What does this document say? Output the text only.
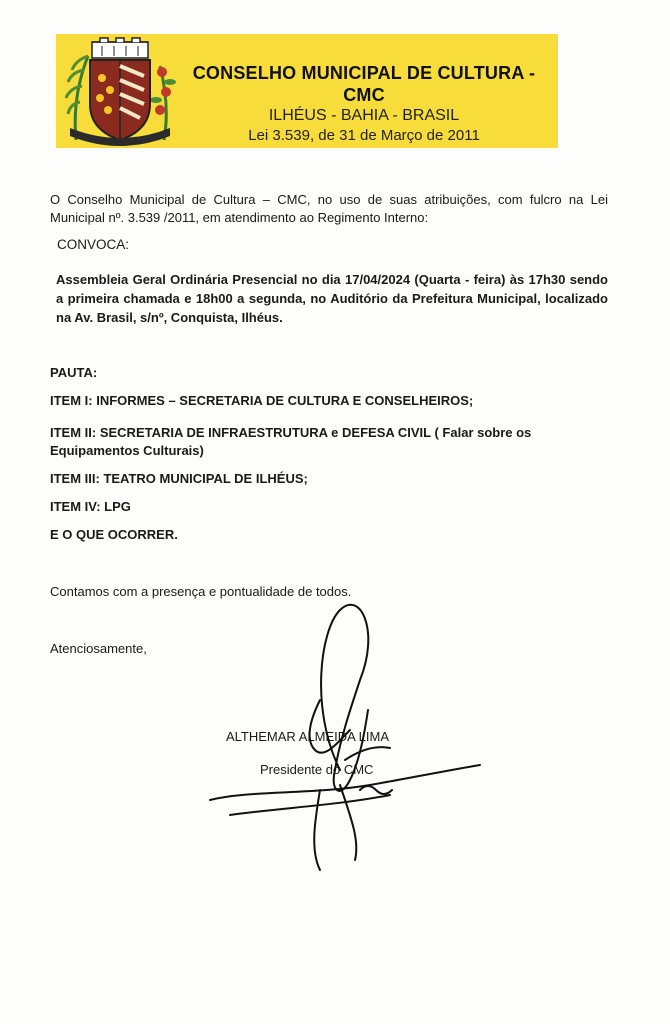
CONSELHO MUNICIPAL DE CULTURA - CMC
ILHÉUS - BAHIA - BRASIL
Lei 3.539, de 31 de Março de 2011
O Conselho Municipal de Cultura – CMC, no uso de suas atribuições, com fulcro na Lei Municipal nº. 3.539 /2011, em atendimento ao Regimento Interno:
CONVOCA:
Assembleia Geral Ordinária Presencial no dia 17/04/2024 (Quarta - feira) às 17h30 sendo a primeira chamada e 18h00 a segunda, no Auditório da Prefeitura Municipal, localizado na Av. Brasil, s/nº, Conquista, Ilhéus.
PAUTA:
ITEM I: INFORMES – SECRETARIA DE CULTURA E CONSELHEIROS;
ITEM II: SECRETARIA DE INFRAESTRUTURA e DEFESA CIVIL ( Falar sobre os Equipamentos Culturais)
ITEM III: TEATRO MUNICIPAL DE ILHÉUS;
ITEM IV: LPG
E O QUE OCORRER.
Contamos com a presença e pontualidade de todos.
Atenciosamente,
ALTHEMAR ALMEIDA LIMA
Presidente do CMC
